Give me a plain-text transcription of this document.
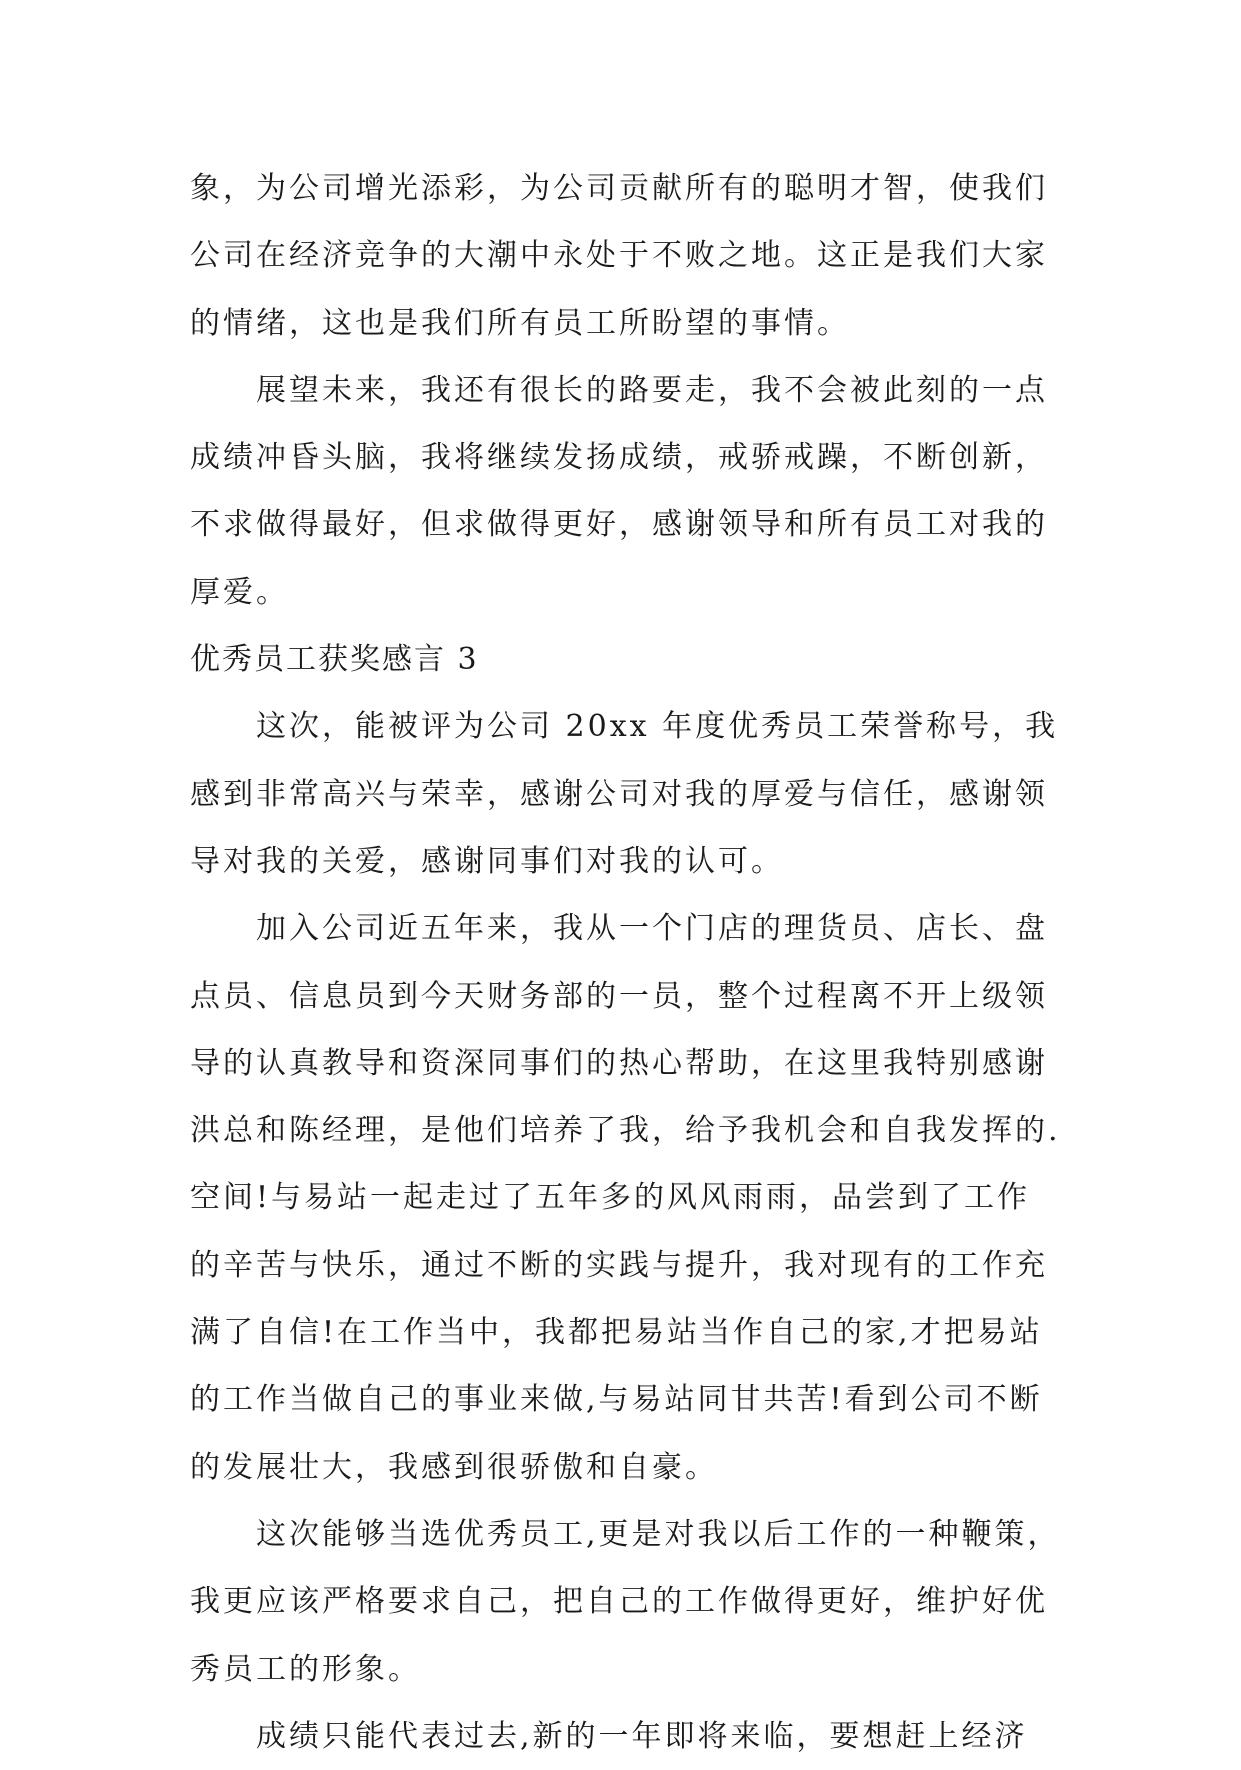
象，为公司增光添彩，为公司贡献所有的聪明才智，使我们
公司在经济竞争的大潮中永处于不败之地。这正是我们大家
的情绪，这也是我们所有员工所盼望的事情。
展望未来，我还有很长的路要走，我不会被此刻的一点
成绩冲昏头脑，我将继续发扬成绩，戒骄戒躁，不断创新，
不求做得最好，但求做得更好，感谢领导和所有员工对我的
厚爱。
优秀员工获奖感言 3
这次，能被评为公司 20xx 年度优秀员工荣誉称号，我
感到非常高兴与荣幸，感谢公司对我的厚爱与信任，感谢领
导对我的关爱，感谢同事们对我的认可。
加入公司近五年来，我从一个门店的理货员、店长、盘
点员、信息员到今天财务部的一员，整个过程离不开上级领
导的认真教导和资深同事们的热心帮助，在这里我特别感谢
洪总和陈经理，是他们培养了我，给予我机会和自我发挥的.
空间!与易站一起走过了五年多的风风雨雨，品尝到了工作
的辛苦与快乐，通过不断的实践与提升，我对现有的工作充
满了自信!在工作当中，我都把易站当作自己的家,才把易站
的工作当做自己的事业来做,与易站同甘共苦!看到公司不断
的发展壮大，我感到很骄傲和自豪。
这次能够当选优秀员工,更是对我以后工作的一种鞭策，
我更应该严格要求自己，把自己的工作做得更好，维护好优
秀员工的形象。
成绩只能代表过去,新的一年即将来临，要想赶上经济
